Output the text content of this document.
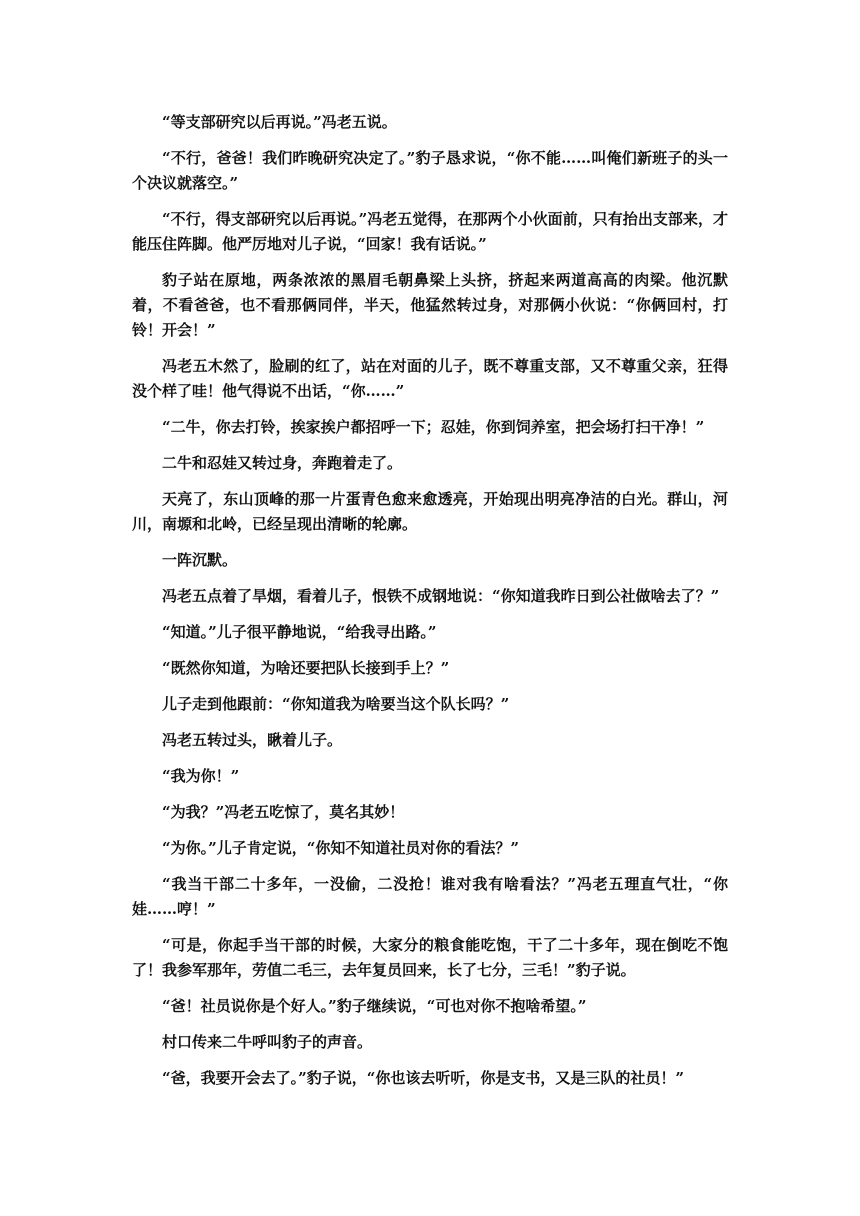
“等支部研究以后再说。”冯老五说。

“不行，爸爸！我们昨晚研究决定了。”豹子恳求说，“你不能……叫俺们新班子的头一个决议就落空。”

“不行，得支部研究以后再说。”冯老五觉得，在那两个小伙面前，只有抬出支部来，才能压住阵脚。他严厉地对儿子说，“回家！我有话说。”

豹子站在原地，两条浓浓的黑眉毛朝鼻梁上头挤，挤起来两道高高的肉梁。他沉默着，不看爸爸，也不看那俩同伴，半天，他猛然转过身，对那俩小伙说：“你俩回村，打铃！开会！”

冯老五木然了，脸刷的红了，站在对面的儿子，既不尊重支部，又不尊重父亲，狂得没个样了哇！他气得说不出话，“你……”

“二牛，你去打铃，挨家挨户都招呼一下；忍娃，你到饲养室，把会场打扫干净！”

二牛和忍娃又转过身，奔跑着走了。

天亮了，东山顶峰的那一片蛋青色愈来愈透亮，开始现出明亮净洁的白光。群山，河川，南塬和北岭，已经呈现出清晰的轮廓。

一阵沉默。

冯老五点着了旱烟，看着儿子，恨铁不成钢地说：“你知道我昨日到公社做啥去了？”

“知道。”儿子很平静地说，“给我寻出路。”

“既然你知道，为啥还要把队长接到手上？”

儿子走到他跟前：“你知道我为啥要当这个队长吗？”

冯老五转过头，瞅着儿子。

“我为你！”

“为我？”冯老五吃惊了，莫名其妙！

“为你。”儿子肯定说，“你知不知道社员对你的看法？”

“我当干部二十多年，一没偷，二没抢！谁对我有啥看法？”冯老五理直气壮，“你娃……哼！”

“可是，你起手当干部的时候，大家分的粮食能吃饱，干了二十多年，现在倒吃不饱了！我参军那年，劳值二毛三，去年复员回来，长了七分，三毛！”豹子说。

“爸！社员说你是个好人。”豹子继续说，“可也对你不抱啥希望。”

村口传来二牛呼叫豹子的声音。

“爸，我要开会去了。”豹子说，“你也该去听听，你是支书，又是三队的社员！”
